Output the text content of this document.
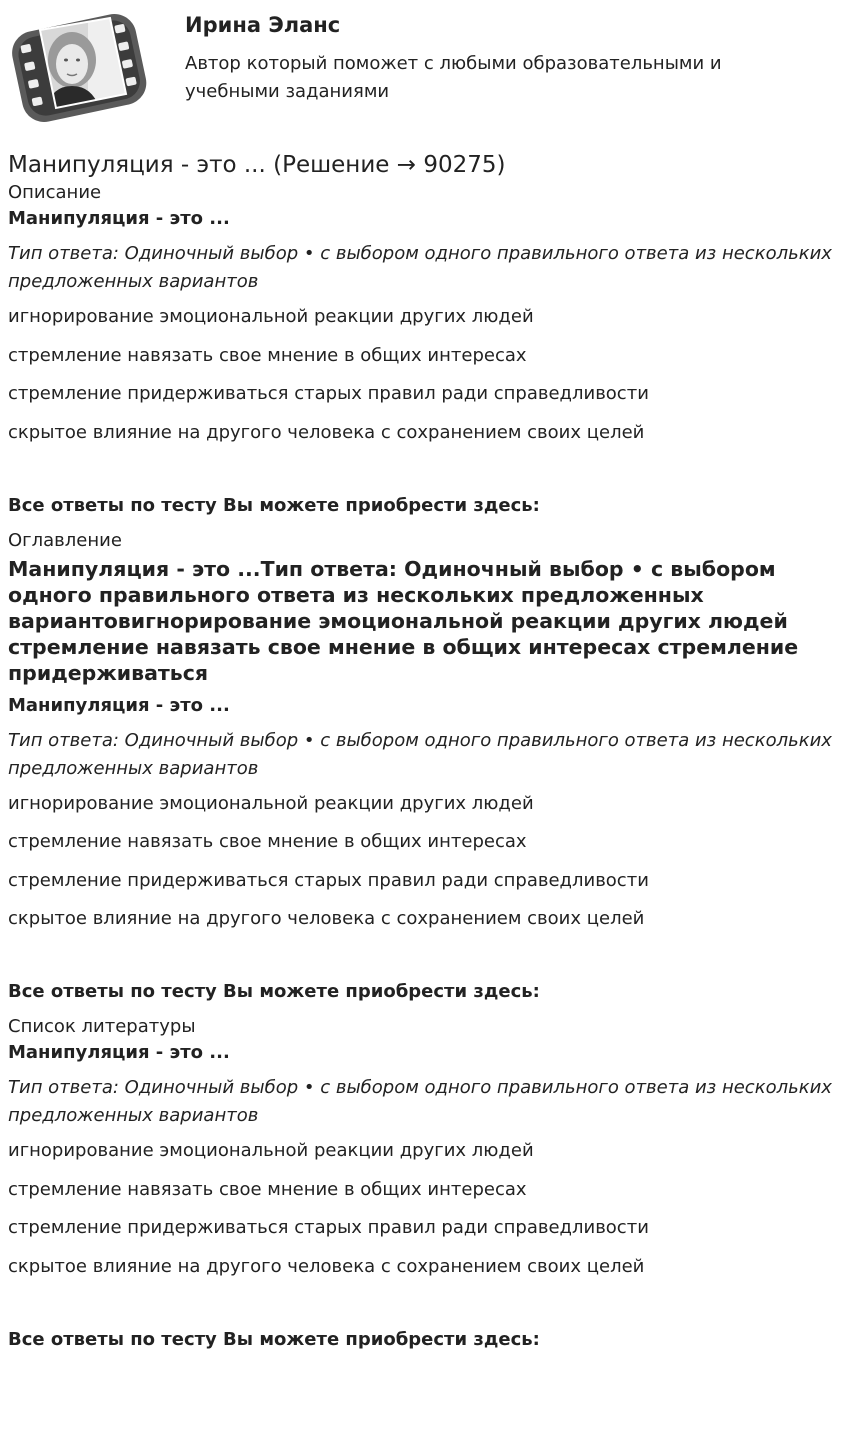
Ирина Эланс

Автор который поможет с любыми образовательными и учебными заданиями

Манипуляция - это ... (Решение → 90275)

Описание

Манипуляция - это ...

Тип ответа: Одиночный выбор • с выбором одного правильного ответа из нескольких предложенных вариантов

игнорирование эмоциональной реакции других людей

стремление навязать свое мнение в общих интересах

стремление придерживаться старых правил ради справедливости

скрытое влияние на другого человека с сохранением своих целей

Все ответы по тесту Вы можете приобрести здесь:

Оглавление

Манипуляция - это ...Тип ответа: Одиночный выбор • с выбором одного правильного ответа из нескольких предложенных вариантовигнорирование эмоциональной реакции других людей стремление навязать свое мнение в общих интересах стремление придерживаться

Манипуляция - это ...

Тип ответа: Одиночный выбор • с выбором одного правильного ответа из нескольких предложенных вариантов

игнорирование эмоциональной реакции других людей

стремление навязать свое мнение в общих интересах

стремление придерживаться старых правил ради справедливости

скрытое влияние на другого человека с сохранением своих целей

Все ответы по тесту Вы можете приобрести здесь:

Список литературы

Манипуляция - это ...

Тип ответа: Одиночный выбор • с выбором одного правильного ответа из нескольких предложенных вариантов

игнорирование эмоциональной реакции других людей

стремление навязать свое мнение в общих интересах

стремление придерживаться старых правил ради справедливости

скрытое влияние на другого человека с сохранением своих целей

Все ответы по тесту Вы можете приобрести здесь:
